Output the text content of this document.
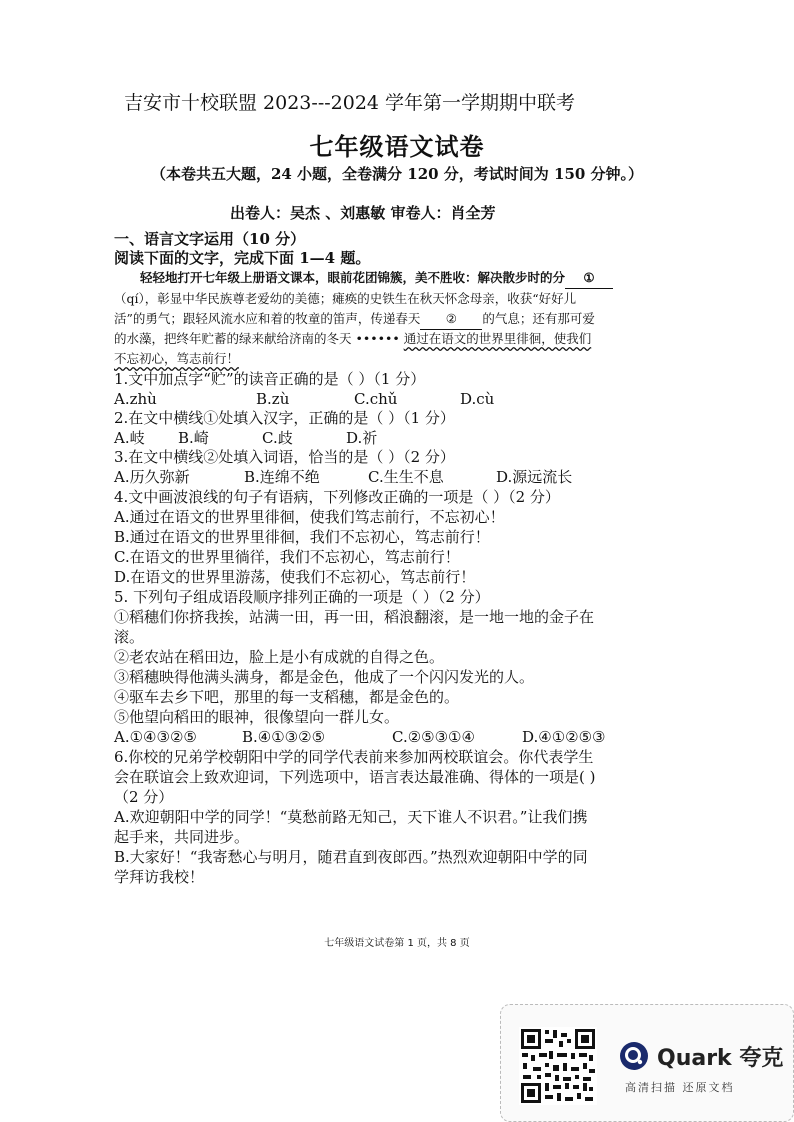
吉安市十校联盟 2023---2024 学年第一学期期中联考
七年级语文试卷
（本卷共五大题，24 小题，全卷满分 120 分，考试时间为 150 分钟。）
出卷人：吴杰 、刘惠敏 审卷人：肖全芳
一、语言文字运用（10 分）
阅读下面的文字，完成下面 1—4 题。
轻轻地打开七年级上册语文课本，眼前花团锦簇，美不胜收：解决散步时的分 ①
（qí），彰显中华民族尊老爱幼的美德；瘫痪的史铁生在秋天怀念母亲，收获“好好儿
活”的勇气；跟轻风流水应和着的牧童的笛声，传递春天 ② 的气息；还有那可爱
的水藻，把终年贮蓄的绿来献给济南的冬天 •••••• 通过在语文的世界里徘徊，使我们
不忘初心，笃志前行！
1.文中加点字“贮”的读音正确的是（ ）（1 分）
A.zhù	B.zù	C.chǔ	D.cù
2.在文中横线①处填入汉字，正确的是（ ）（1 分）
A.岐 B.崎	C.歧	D.祈
3.在文中横线②处填入词语，恰当的是（ ）（2 分）
A.历久弥新	B.连绵不绝	C.生生不息	D.源远流长
4.文中画波浪线的句子有语病，下列修改正确的一项是（ ）（2 分）
A.通过在语文的世界里徘徊，使我们笃志前行，不忘初心！
B.通过在语文的世界里徘徊，我们不忘初心，笃志前行！
C.在语文的世界里徜徉，我们不忘初心，笃志前行！
D.在语文的世界里游荡，使我们不忘初心，笃志前行！
5. 下列句子组成语段顺序排列正确的一项是（ ）（2 分）
①稻穗们你挤我挨，站满一田，再一田，稻浪翻滚，是一地一地的金子在
滚。
②老农站在稻田边，脸上是小有成就的自得之色。
③稻穗映得他满头满身，都是金色，他成了一个闪闪发光的人。
④驱车去乡下吧，那里的每一支稻穗，都是金色的。
⑤他望向稻田的眼神，很像望向一群儿女。
A.①④③②⑤	B.④①③②⑤	C.②⑤③①④	D.④①②⑤③
6.你校的兄弟学校朝阳中学的同学代表前来参加两校联谊会。你代表学生
会在联谊会上致欢迎词，下列选项中，语言表达最准确、得体的一项是( )
（2 分）
A.欢迎朝阳中学的同学！“莫愁前路无知己，天下谁人不识君。”让我们携
起手来，共同进步。
B.大家好！“我寄愁心与明月，随君直到夜郎西。”热烈欢迎朝阳中学的同
学拜访我校！
七年级语文试卷第 1 页，共 8 页
Quark 夸克
高清扫描 还原文档
